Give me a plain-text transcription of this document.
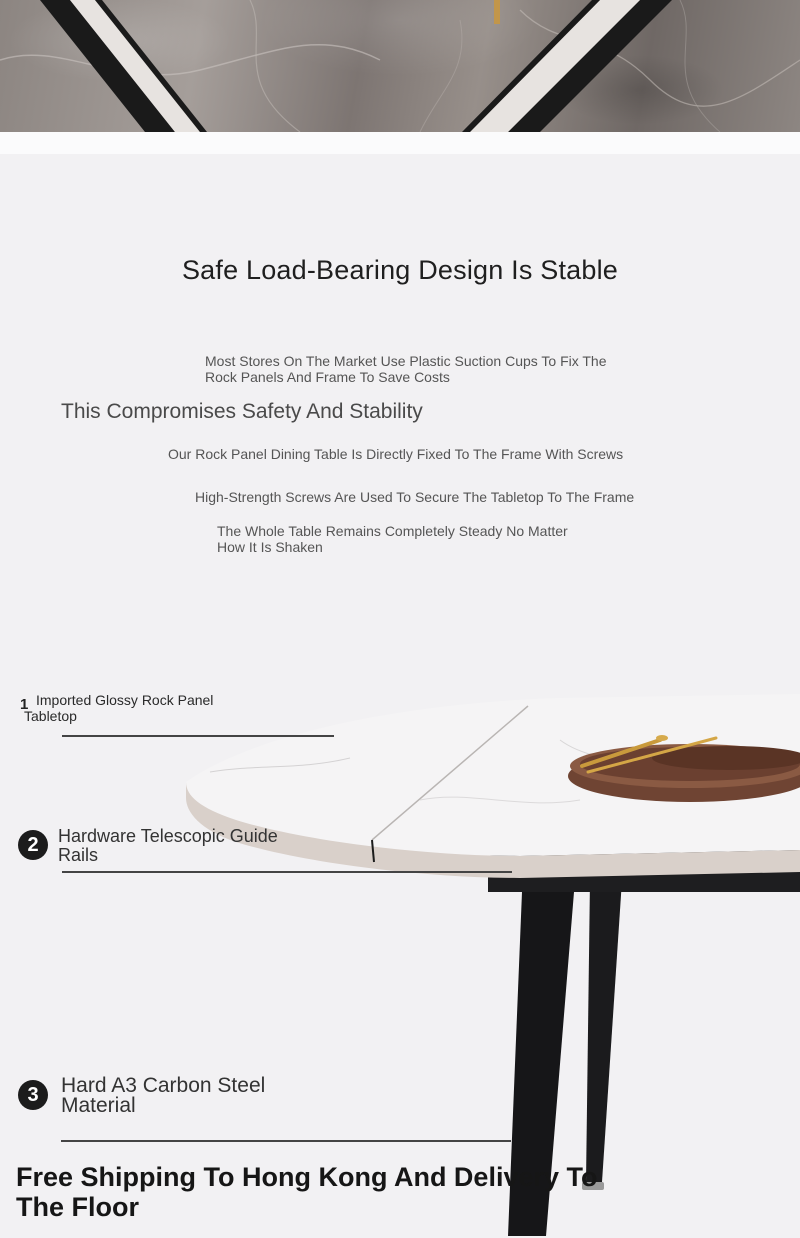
Safe Load-Bearing Design Is Stable
Most Stores On The Market Use Plastic Suction Cups To Fix The Rock Panels And Frame To Save Costs
This Compromises Safety And Stability
Our Rock Panel Dining Table Is Directly Fixed To The Frame With Screws
High-Strength Screws Are Used To Secure The Tabletop To The Frame
The Whole Table Remains Completely Steady No Matter How It Is Shaken
1 Imported Glossy Rock Panel Tabletop
2	Hardware Telescopic Guide Rails
3	Hard A3 Carbon Steel Material
Free Shipping To Hong Kong And Delivery To The Floor
